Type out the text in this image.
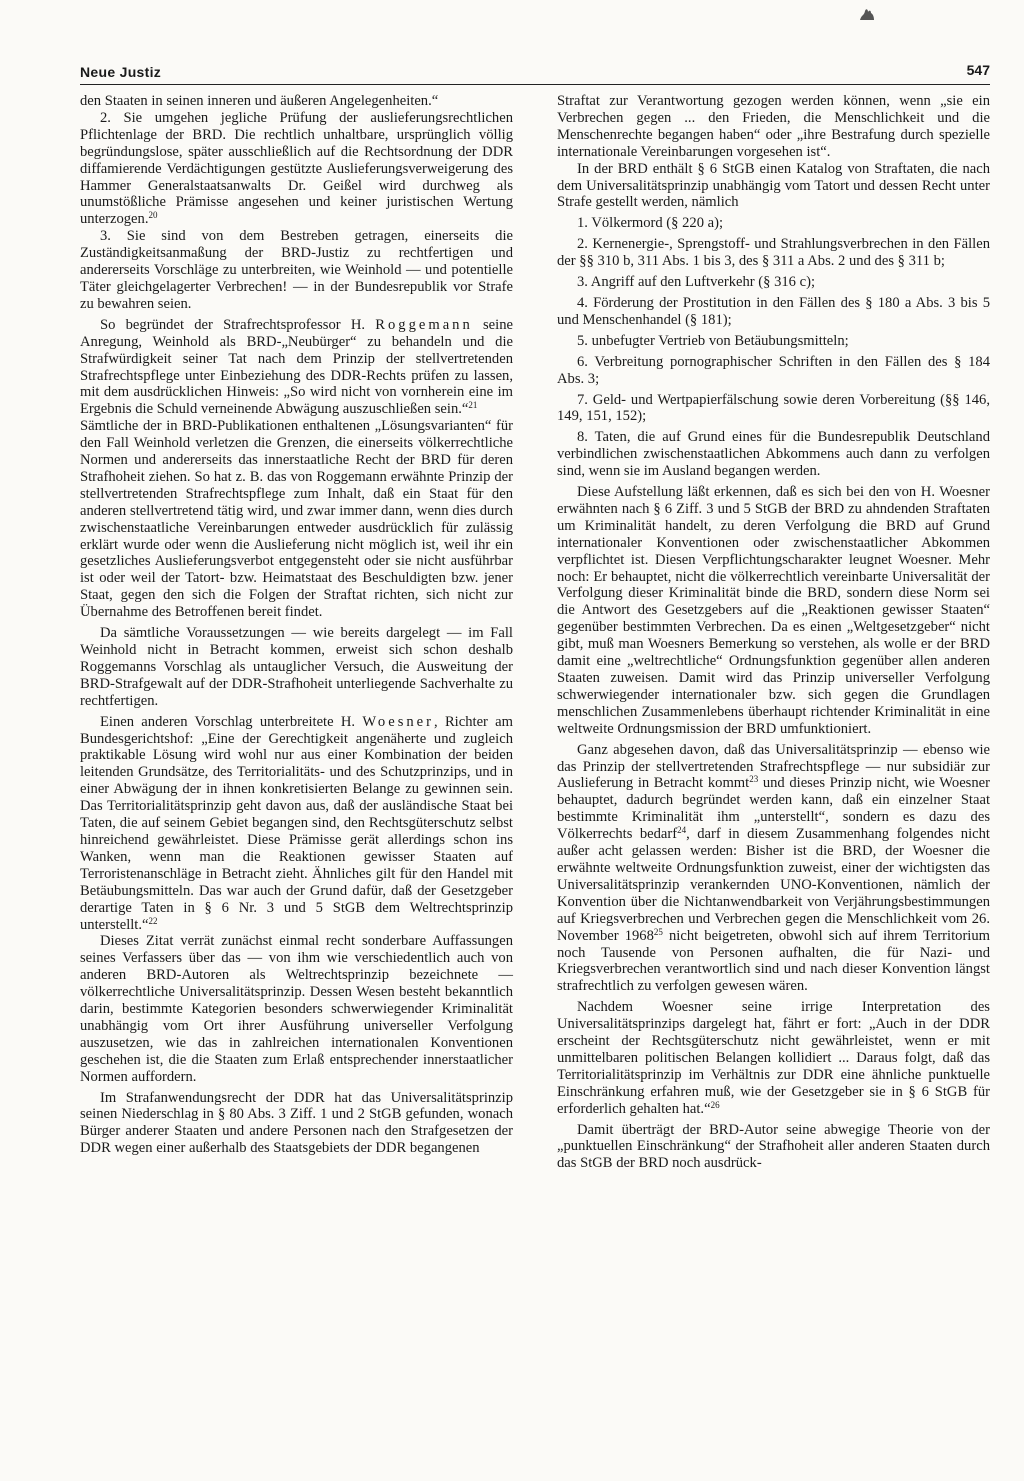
Neue Justiz	547

den Staaten in seinen inneren und äußeren Angelegenheiten.“

2. Sie umgehen jegliche Prüfung der auslieferungsrechtlichen Pflichtenlage der BRD. Die rechtlich unhaltbare, ursprünglich völlig begründungslose, später ausschließlich auf die Rechtsordnung der DDR diffamierende Verdächtigungen gestützte Auslieferungsverweigerung des Hammer Generalstaatsanwalts Dr. Geißel wird durchweg als unumstößliche Prämisse angesehen und keiner juristischen Wertung unterzogen.$^{20}$

3. Sie sind von dem Bestreben getragen, einerseits die Zuständigkeitsanmaßung der BRD-Justiz zu rechtfertigen und andererseits Vorschläge zu unterbreiten, wie Weinhold — und potentielle Täter gleichgelagerter Verbrechen! — in der Bundesrepublik vor Strafe zu bewahren seien.

So begründet der Strafrechtsprofessor H. Roggemann seine Anregung, Weinhold als BRD-„Neubürger“ zu behandeln und die Strafwürdigkeit seiner Tat nach dem Prinzip der stellvertretenden Strafrechtspflege unter Einbeziehung des DDR-Rechts prüfen zu lassen, mit dem ausdrücklichen Hinweis: „So wird nicht von vornherein eine im Ergebnis die Schuld verneinende Abwägung auszuschließen sein.“$^{21}$

Sämtliche der in BRD-Publikationen enthaltenen „Lösungsvarianten“ für den Fall Weinhold verletzen die Grenzen, die einerseits völkerrechtliche Normen und andererseits das innerstaatliche Recht der BRD für deren Strafhoheit ziehen. So hat z. B. das von Roggemann erwähnte Prinzip der stellvertretenden Strafrechtspflege zum Inhalt, daß ein Staat für den anderen stellvertretend tätig wird, und zwar immer dann, wenn dies durch zwischenstaatliche Vereinbarungen entweder ausdrücklich für zulässig erklärt wurde oder wenn die Auslieferung nicht möglich ist, weil ihr ein gesetzliches Auslieferungsverbot entgegensteht oder sie nicht ausführbar ist oder weil der Tatort- bzw. Heimatstaat des Beschuldigten bzw. jener Staat, gegen den sich die Folgen der Straftat richten, sich nicht zur Übernahme des Betroffenen bereit findet.

Da sämtliche Voraussetzungen — wie bereits dargelegt — im Fall Weinhold nicht in Betracht kommen, erweist sich schon deshalb Roggemanns Vorschlag als untauglicher Versuch, die Ausweitung der BRD-Strafgewalt auf der DDR-Strafhoheit unterliegende Sachverhalte zu rechtfertigen.

Einen anderen Vorschlag unterbreitete H. Woesner, Richter am Bundesgerichtshof: „Eine der Gerechtigkeit angenäherte und zugleich praktikable Lösung wird wohl nur aus einer Kombination der beiden leitenden Grundsätze, des Territorialitäts- und des Schutzprinzips, und in einer Abwägung der in ihnen konkretisierten Belange zu gewinnen sein. Das Territorialitätsprinzip geht davon aus, daß der ausländische Staat bei Taten, die auf seinem Gebiet begangen sind, den Rechtsgüterschutz selbst hinreichend gewährleistet. Diese Prämisse gerät allerdings schon ins Wanken, wenn man die Reaktionen gewisser Staaten auf Terroristenanschläge in Betracht zieht. Ähnliches gilt für den Handel mit Betäubungsmitteln. Das war auch der Grund dafür, daß der Gesetzgeber derartige Taten in § 6 Nr. 3 und 5 StGB dem Weltrechtsprinzip unterstellt.“$^{22}$

Dieses Zitat verrät zunächst einmal recht sonderbare Auffassungen seines Verfassers über das — von ihm wie verschiedentlich auch von anderen BRD-Autoren als Weltrechtsprinzip bezeichnete — völkerrechtliche Universalitätsprinzip. Dessen Wesen besteht bekanntlich darin, bestimmte Kategorien besonders schwerwiegender Kriminalität unabhängig vom Ort ihrer Ausführung universeller Verfolgung auszusetzen, wie das in zahlreichen internationalen Konventionen geschehen ist, die die Staaten zum Erlaß entsprechender innerstaatlicher Normen auffordern.

Im Strafanwendungsrecht der DDR hat das Universalitätsprinzip seinen Niederschlag in § 80 Abs. 3 Ziff. 1 und 2 StGB gefunden, wonach Bürger anderer Staaten und andere Personen nach den Strafgesetzen der DDR wegen einer außerhalb des Staatsgebiets der DDR begangenen

Straftat zur Verantwortung gezogen werden können, wenn „sie ein Verbrechen gegen ... den Frieden, die Menschlichkeit und die Menschenrechte begangen haben“ oder „ihre Bestrafung durch spezielle internationale Vereinbarungen vorgesehen ist“.

In der BRD enthält § 6 StGB einen Katalog von Straftaten, die nach dem Universalitätsprinzip unabhängig vom Tatort und dessen Recht unter Strafe gestellt werden, nämlich

1. Völkermord (§ 220 a);

2. Kernenergie-, Sprengstoff- und Strahlungsverbrechen in den Fällen der §§ 310 b, 311 Abs. 1 bis 3, des § 311 a Abs. 2 und des § 311 b;

3. Angriff auf den Luftverkehr (§ 316 c);

4. Förderung der Prostitution in den Fällen des § 180 a Abs. 3 bis 5 und Menschenhandel (§ 181);

5. unbefugter Vertrieb von Betäubungsmitteln;

6. Verbreitung pornographischer Schriften in den Fällen des § 184 Abs. 3;

7. Geld- und Wertpapierfälschung sowie deren Vorbereitung (§§ 146, 149, 151, 152);

8. Taten, die auf Grund eines für die Bundesrepublik Deutschland verbindlichen zwischenstaatlichen Abkommens auch dann zu verfolgen sind, wenn sie im Ausland begangen werden.

Diese Aufstellung läßt erkennen, daß es sich bei den von H. Woesner erwähnten nach § 6 Ziff. 3 und 5 StGB der BRD zu ahndenden Straftaten um Kriminalität handelt, zu deren Verfolgung die BRD auf Grund internationaler Konventionen oder zwischenstaatlicher Abkommen verpflichtet ist. Diesen Verpflichtungscharakter leugnet Woesner. Mehr noch: Er behauptet, nicht die völkerrechtlich vereinbarte Universalität der Verfolgung dieser Kriminalität binde die BRD, sondern diese Norm sei die Antwort des Gesetzgebers auf die „Reaktionen gewisser Staaten“ gegenüber bestimmten Verbrechen. Da es einen „Weltgesetzgeber“ nicht gibt, muß man Woesners Bemerkung so verstehen, als wolle er der BRD damit eine „weltrechtliche“ Ordnungsfunktion gegenüber allen anderen Staaten zuweisen. Damit wird das Prinzip universeller Verfolgung schwerwiegender internationaler bzw. sich gegen die Grundlagen menschlichen Zusammenlebens überhaupt richtender Kriminalität in eine weltweite Ordnungsmission der BRD umfunktioniert.

Ganz abgesehen davon, daß das Universalitätsprinzip — ebenso wie das Prinzip der stellvertretenden Strafrechtspflege — nur subsidiär zur Auslieferung in Betracht kommt$^{23}$ und dieses Prinzip nicht, wie Woesner behauptet, dadurch begründet werden kann, daß ein einzelner Staat bestimmte Kriminalität ihm „unterstellt“, sondern es dazu des Völkerrechts bedarf$^{24}$, darf in diesem Zusammenhang folgendes nicht außer acht gelassen werden: Bisher ist die BRD, der Woesner die erwähnte weltweite Ordnungsfunktion zuweist, einer der wichtigsten das Universalitätsprinzip verankernden UNO-Konventionen, nämlich der Konvention über die Nichtanwendbarkeit von Verjährungsbestimmungen auf Kriegsverbrechen und Verbrechen gegen die Menschlichkeit vom 26. November 1968$^{25}$ nicht beigetreten, obwohl sich auf ihrem Territorium noch Tausende von Personen aufhalten, die für Nazi- und Kriegsverbrechen verantwortlich sind und nach dieser Konvention längst strafrechtlich zu verfolgen gewesen wären.

Nachdem Woesner seine irrige Interpretation des Universalitätsprinzips dargelegt hat, fährt er fort: „Auch in der DDR erscheint der Rechtsgüterschutz nicht gewährleistet, wenn er mit unmittelbaren politischen Belangen kollidiert ... Daraus folgt, daß das Territorialitätsprinzip im Verhältnis zur DDR eine ähnliche punktuelle Einschränkung erfahren muß, wie der Gesetzgeber sie in § 6 StGB für erforderlich gehalten hat.“$^{26}$

Damit überträgt der BRD-Autor seine abwegige Theorie von der „punktuellen Einschränkung“ der Strafhoheit aller anderen Staaten durch das StGB der BRD noch ausdrück-
